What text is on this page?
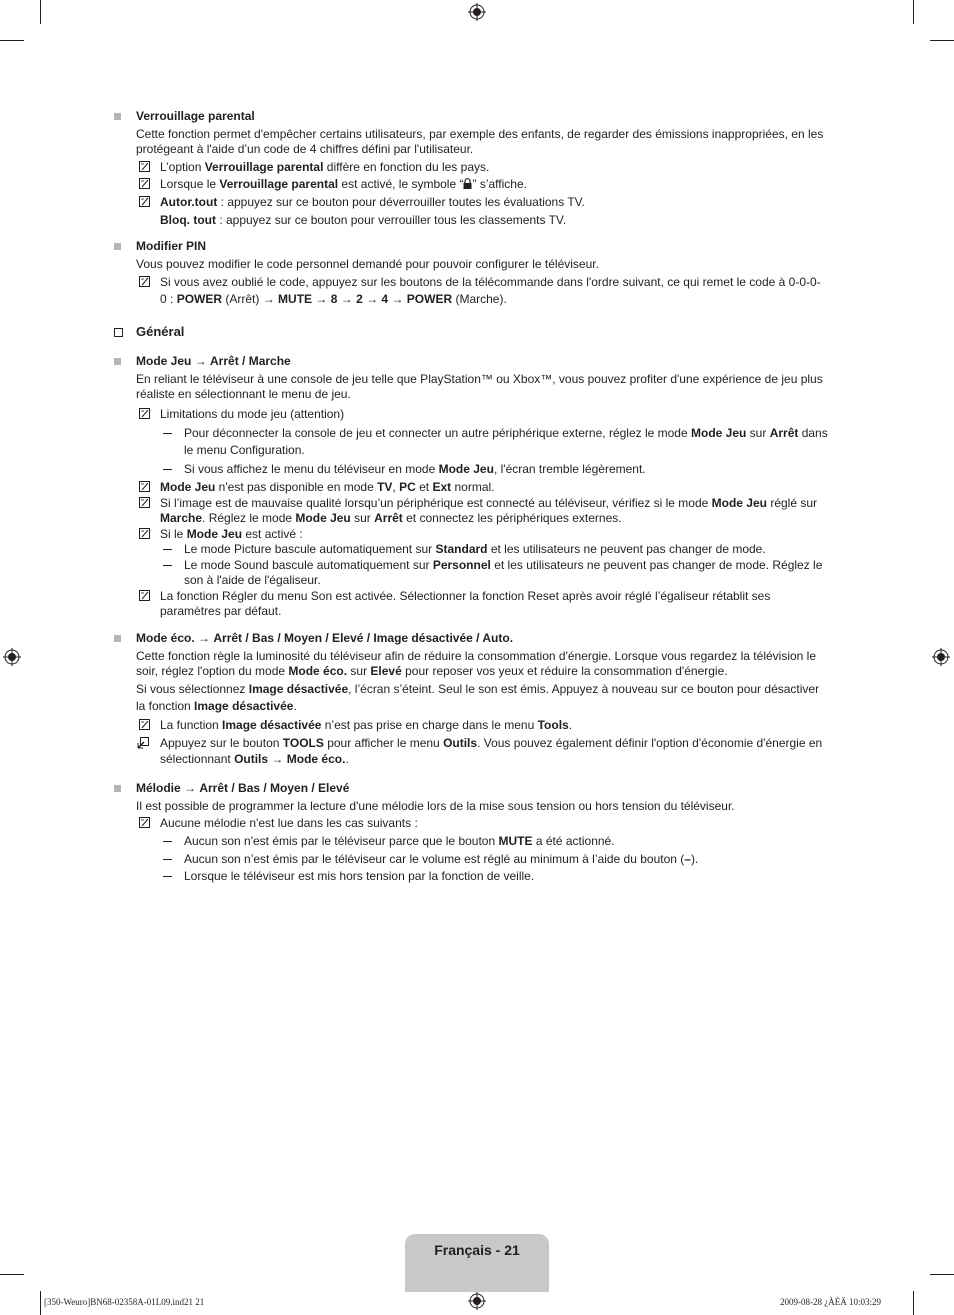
Verrouillage parental
Cette fonction permet d'empêcher certains utilisateurs, par exemple des enfants, de regarder des émissions inappropriées, en les
protégeant à l'aide d’un code de 4 chiffres défini par l'utilisateur.
L’option Verrouillage parental diffère en fonction du les pays.
Lorsque le Verrouillage parental est activé, le symbole “ ” s’affiche.
Autor.tout : appuyez sur ce bouton pour déverrouiller toutes les évaluations TV.
Bloq. tout : appuyez sur ce bouton pour verrouiller tous les classements TV.
Modifier PIN
Vous pouvez modifier le code personnel demandé pour pouvoir configurer le téléviseur.
Si vous avez oublié le code, appuyez sur les boutons de la télécommande dans l'ordre suivant, ce qui remet le code à 0-0-0-
0 : POWER (Arrêt) → MUTE → 8 → 2 → 4 → POWER (Marche).
Général
Mode Jeu → Arrêt / Marche
En reliant le téléviseur à une console de jeu telle que PlayStation™ ou Xbox™, vous pouvez profiter d'une expérience de jeu plus
réaliste en sélectionnant le menu de jeu.
Limitations du mode jeu (attention)
Pour déconnecter la console de jeu et connecter un autre périphérique externe, réglez le mode Mode Jeu sur Arrêt dans
le menu Configuration.
Si vous affichez le menu du téléviseur en mode Mode Jeu, l'écran tremble légèrement.
Mode Jeu n'est pas disponible en mode TV, PC et Ext normal.
Si l’image est de mauvaise qualité lorsqu’un périphérique est connecté au téléviseur, vérifiez si le mode Mode Jeu réglé sur
Marche. Réglez le mode Mode Jeu sur Arrêt et connectez les périphériques externes.
Si le Mode Jeu est activé :
Le mode Picture bascule automatiquement sur Standard et les utilisateurs ne peuvent pas changer de mode.
Le mode Sound bascule automatiquement sur Personnel et les utilisateurs ne peuvent pas changer de mode. Réglez le
son à l'aide de l'égaliseur.
La fonction Régler du menu Son est activée. Sélectionner la fonction Reset après avoir réglé l’égaliseur rétablit ses
paramètres par défaut.
Mode éco. → Arrêt / Bas / Moyen / Elevé / Image désactivée / Auto.
Cette fonction règle la luminosité du téléviseur afin de réduire la consommation d'énergie. Lorsque vous regardez la télévision le
soir, réglez l'option du mode Mode éco. sur Elevé pour reposer vos yeux et réduire la consommation d'énergie.
Si vous sélectionnez Image désactivée, l’écran s’éteint. Seul le son est émis. Appuyez à nouveau sur ce bouton pour désactiver
la fonction Image désactivée.
La function Image désactivée n’est pas prise en charge dans le menu Tools.
Appuyez sur le bouton TOOLS pour afficher le menu Outils. Vous pouvez également définir l'option d'économie d'énergie en
sélectionnant Outils → Mode éco..
Mélodie → Arrêt / Bas / Moyen / Elevé
Il est possible de programmer la lecture d'une mélodie lors de la mise sous tension ou hors tension du téléviseur.
Aucune mélodie n'est lue dans les cas suivants :
Aucun son n'est émis par le téléviseur parce que le bouton MUTE a été actionné.
Aucun son n’est émis par le téléviseur car le volume est réglé au minimum à l’aide du bouton (–).
Lorsque le téléviseur est mis hors tension par la fonction de veille.
Français - 21
[350-Weuro]BN68-02358A-01L09.ind21 21	2009-08-28 ¿ÀÈÄ 10:03:29
